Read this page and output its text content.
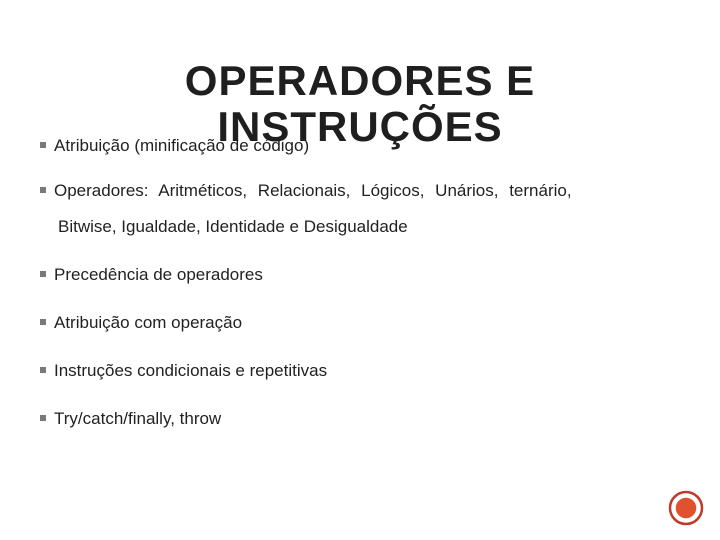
Atribuição (minificação de código)
Operadores: Aritméticos, Relacionais, Lógicos, Unários, ternário,
Bitwise, Igualdade, Identidade e Desigualdade
Precedência de operadores
Atribuição com operação
Instruções condicionais e repetitivas
Try/catch/finally, throw
OPERADORES E INSTRUÇÕES
